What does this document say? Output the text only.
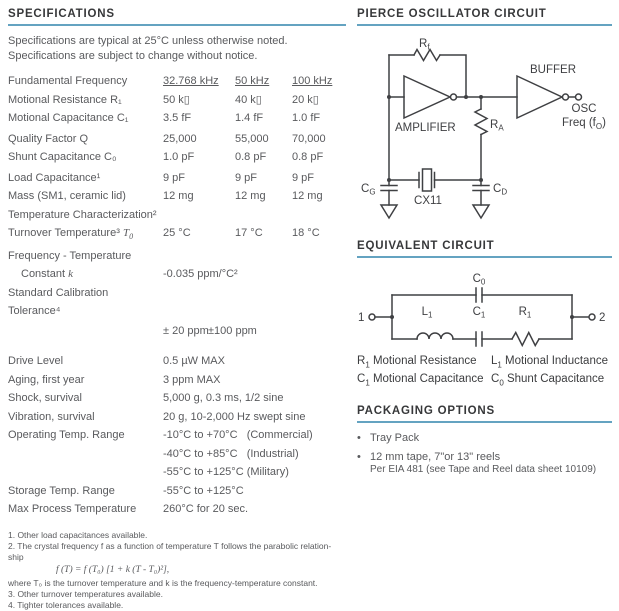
SPECIFICATIONS
Specifications are typical at 25°C unless otherwise noted.
Specifications are subject to change without notice.
Fundamental Frequency	32.768 kHz	50 kHz	100 kHz
Motional Resistance R₁	50 k▯	40 k▯	20 k▯
Motional Capacitance C₁	3.5 fF	1.4 fF	1.0 fF
Quality Factor Q	25,000	55,000	70,000
Shunt Capacitance C₀	1.0 pF	0.8 pF	0.8 pF
Load Capacitance¹	9 pF	9 pF	9 pF
Mass (SM1, ceramic lid)	12 mg	12 mg	12 mg
Temperature Characterization²
Turnover Temperature³ $T_0$	25 °C	17 °C	18 °C
Frequency - Temperature
Constant k	-0.035 ppm/°C²
Standard Calibration Tolerance⁴
± 20 ppm ±100 ppm
Drive Level	0.5 µW MAX
Aging, first year	3 ppm MAX
Shock, survival	5,000 g, 0.3 ms, 1/2 sine
Vibration, survival	20 g, 10-2,000 Hz swept sine
Operating Temp. Range	-10°C to +70°C   (Commercial)
-40°C to +85°C   (Industrial)
-55°C to +125°C (Military)
Storage Temp. Range	-55°C to +125°C
Max Process Temperature	260°C for 20 sec.
1. Other load capacitances available.
2. The crystal frequency f as a function of temperature T follows the parabolic relation-
ship
f (T) = f (T₀) [1 + k (T - T₀)²],
where T₀ is the turnover temperature and k is the frequency-temperature constant.
3. Other turnover temperatures available.
4. Tighter tolerances available.
PIERCE OSCILLATOR CIRCUIT
$R_f$
AMPLIFIER
BUFFER
$R_A$
OSC
Freq $(f_O)$
$C_G$	$C_D$
CX11
EQUIVALENT CIRCUIT
1	2
$C_0$
$L_1$	$C_1$	$R_1$
$R_1$ Motional Resistance $L_1$ Motional Inductance
$C_1$ Motional Capacitance $C_0$ Shunt Capacitance
PACKAGING OPTIONS
• Tray Pack
• 12 mm tape, 7"or 13" reels
Per EIA 481 (see Tape and Reel data sheet 10109)
